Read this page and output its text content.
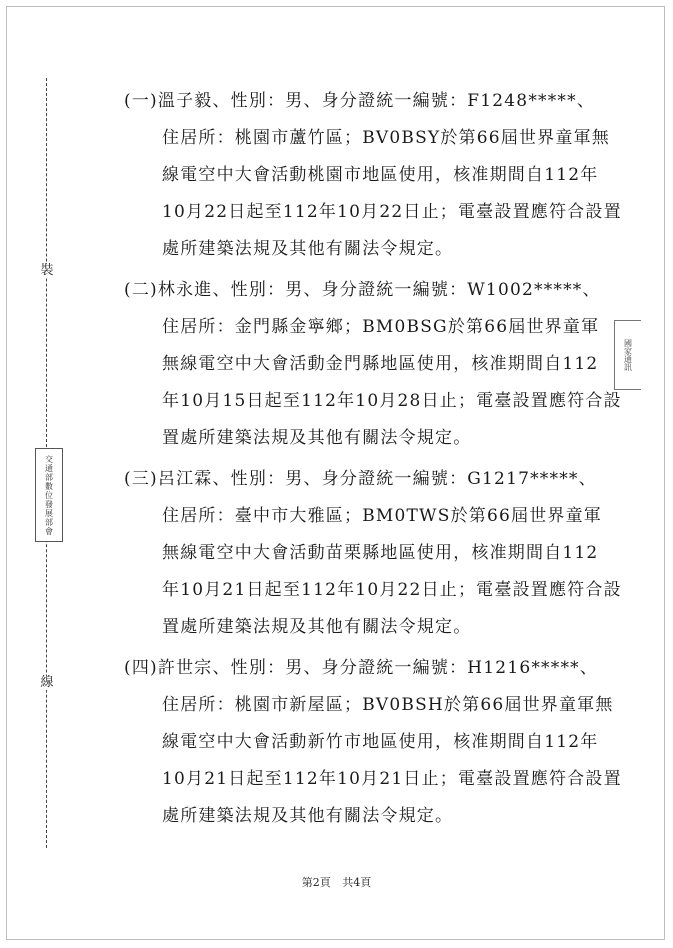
裝
線
交通部數位發展部會
國家通訊
(一)溫子毅、性別：男、身分證統一編號：F1248*****、
住居所：桃園市蘆竹區；BV0BSY於第66屆世界童軍無
線電空中大會活動桃園市地區使用，核准期間自112年
10月22日起至112年10月22日止；電臺設置應符合設置
處所建築法規及其他有關法令規定。
(二)林永進、性別：男、身分證統一編號：W1002*****、
住居所：金門縣金寧鄉；BM0BSG於第66屆世界童軍
無線電空中大會活動金門縣地區使用，核准期間自112
年10月15日起至112年10月28日止；電臺設置應符合設
置處所建築法規及其他有關法令規定。
(三)呂江霖、性別：男、身分證統一編號：G1217*****、
住居所：臺中市大雅區；BM0TWS於第66屆世界童軍
無線電空中大會活動苗栗縣地區使用，核准期間自112
年10月21日起至112年10月22日止；電臺設置應符合設
置處所建築法規及其他有關法令規定。
(四)許世宗、性別：男、身分證統一編號：H1216*****、
住居所：桃園市新屋區；BV0BSH於第66屆世界童軍無
線電空中大會活動新竹市地區使用，核准期間自112年
10月21日起至112年10月21日止；電臺設置應符合設置
處所建築法規及其他有關法令規定。
第2頁 共4頁
